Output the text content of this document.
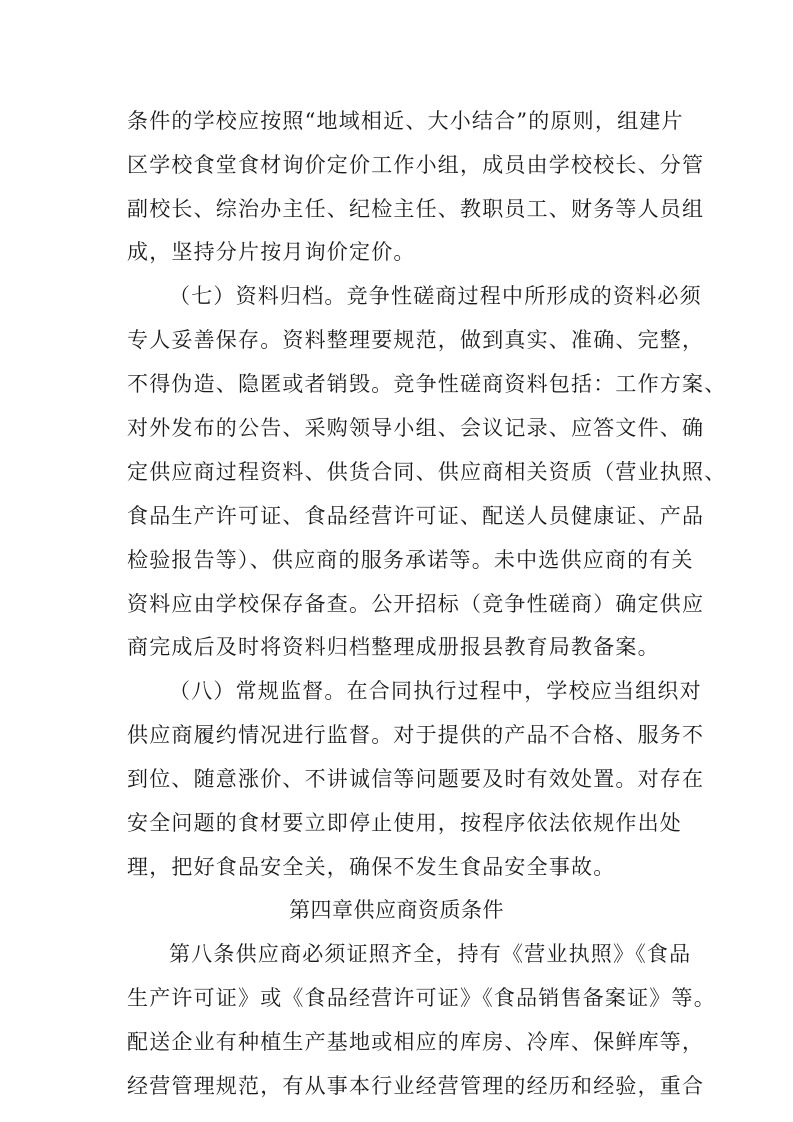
条件的学校应按照“地域相近、大小结合”的原则，组建片
区学校食堂食材询价定价工作小组，成员由学校校长、分管
副校长、综治办主任、纪检主任、教职员工、财务等人员组
成，坚持分片按月询价定价。
（七）资料归档。竞争性磋商过程中所形成的资料必须
专人妥善保存。资料整理要规范，做到真实、准确、完整，
不得伪造、隐匿或者销毁。竞争性磋商资料包括：工作方案、
对外发布的公告、采购领导小组、会议记录、应答文件、确
定供应商过程资料、供货合同、供应商相关资质（营业执照、
食品生产许可证、食品经营许可证、配送人员健康证、产品
检验报告等）、供应商的服务承诺等。未中选供应商的有关
资料应由学校保存备查。公开招标（竞争性磋商）确定供应
商完成后及时将资料归档整理成册报县教育局教备案。
（八）常规监督。在合同执行过程中，学校应当组织对
供应商履约情况进行监督。对于提供的产品不合格、服务不
到位、随意涨价、不讲诚信等问题要及时有效处置。对存在
安全问题的食材要立即停止使用，按程序依法依规作出处
理，把好食品安全关，确保不发生食品安全事故。
第四章供应商资质条件
第八条供应商必须证照齐全，持有《营业执照》《食品
生产许可证》或《食品经营许可证》《食品销售备案证》等。
配送企业有种植生产基地或相应的库房、冷库、保鲜库等，
经营管理规范，有从事本行业经营管理的经历和经验，重合
